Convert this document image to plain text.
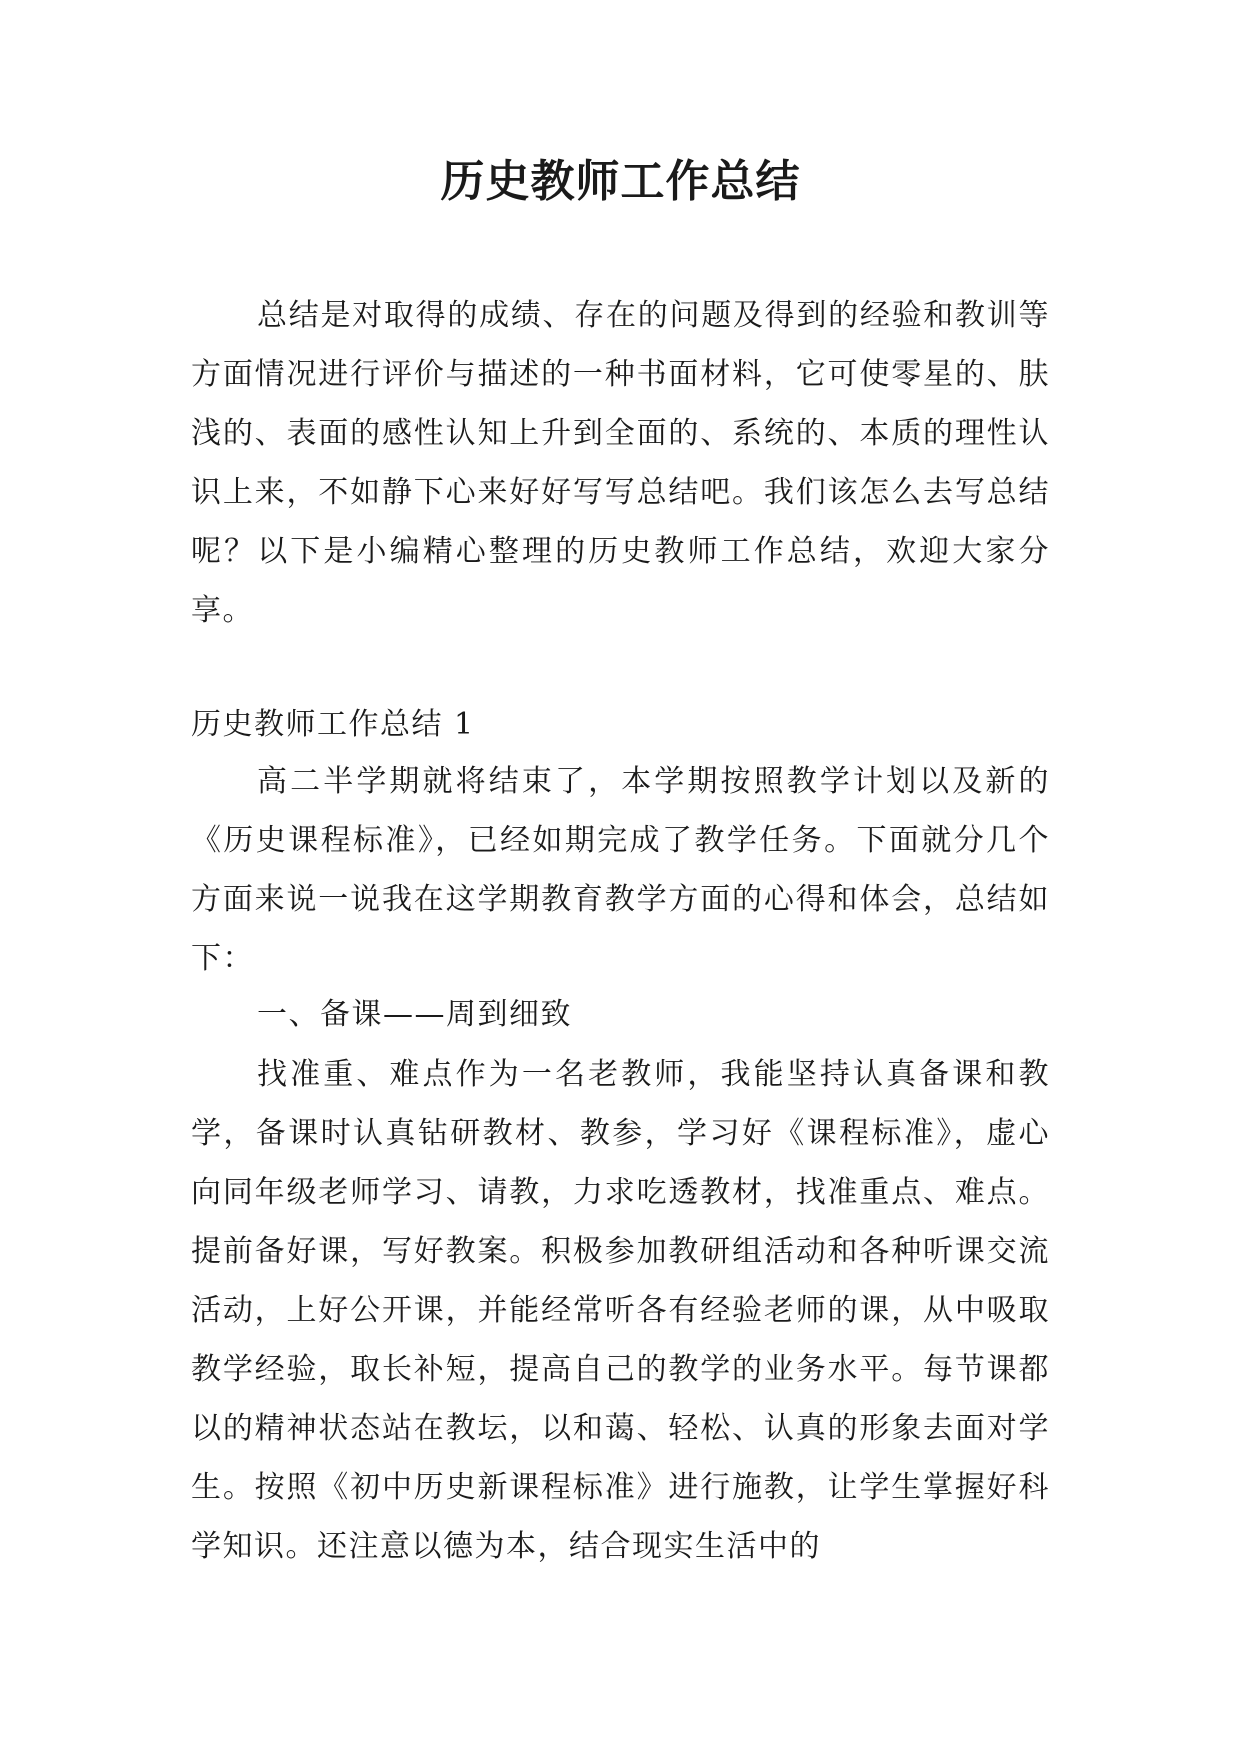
历史教师工作总结

总结是对取得的成绩、存在的问题及得到的经验和教训等方面情况进行评价与描述的一种书面材料，它可使零星的、肤浅的、表面的感性认知上升到全面的、系统的、本质的理性认识上来，不如静下心来好好写写总结吧。我们该怎么去写总结呢？以下是小编精心整理的历史教师工作总结，欢迎大家分享。

历史教师工作总结 1

高二半学期就将结束了，本学期按照教学计划以及新的《历史课程标准》，已经如期完成了教学任务。下面就分几个方面来说一说我在这学期教育教学方面的心得和体会，总结如下：

一、备课——周到细致

找准重、难点作为一名老教师，我能坚持认真备课和教学，备课时认真钻研教材、教参，学习好《课程标准》，虚心向同年级老师学习、请教，力求吃透教材，找准重点、难点。提前备好课，写好教案。积极参加教研组活动和各种听课交流活动，上好公开课，并能经常听各有经验老师的课，从中吸取教学经验，取长补短，提高自己的教学的业务水平。每节课都以的精神状态站在教坛，以和蔼、轻松、认真的形象去面对学生。按照《初中历史新课程标准》进行施教，让学生掌握好科学知识。还注意以德为本，结合现实生活中的
